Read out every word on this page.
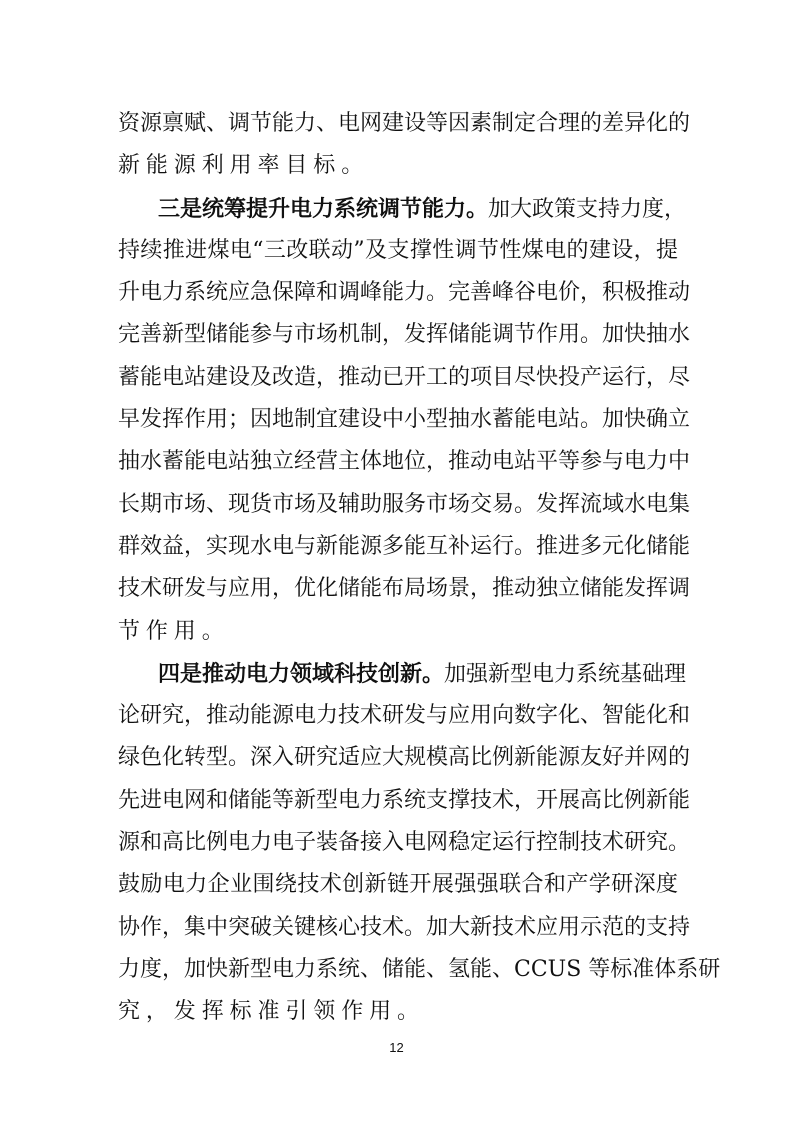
资源禀赋、调节能力、电网建设等因素制定合理的差异化的
新能源利用率目标。
三是统筹提升电力系统调节能力。加大政策支持力度，
持续推进煤电“三改联动”及支撑性调节性煤电的建设，提
升电力系统应急保障和调峰能力。完善峰谷电价，积极推动
完善新型储能参与市场机制，发挥储能调节作用。加快抽水
蓄能电站建设及改造，推动已开工的项目尽快投产运行，尽
早发挥作用；因地制宜建设中小型抽水蓄能电站。加快确立
抽水蓄能电站独立经营主体地位，推动电站平等参与电力中
长期市场、现货市场及辅助服务市场交易。发挥流域水电集
群效益，实现水电与新能源多能互补运行。推进多元化储能
技术研发与应用，优化储能布局场景，推动独立储能发挥调
节作用。
四是推动电力领域科技创新。加强新型电力系统基础理
论研究，推动能源电力技术研发与应用向数字化、智能化和
绿色化转型。深入研究适应大规模高比例新能源友好并网的
先进电网和储能等新型电力系统支撑技术，开展高比例新能
源和高比例电力电子装备接入电网稳定运行控制技术研究。
鼓励电力企业围绕技术创新链开展强强联合和产学研深度
协作，集中突破关键核心技术。加大新技术应用示范的支持
力度，加快新型电力系统、储能、氢能、CCUS 等标准体系研
究，发挥标准引领作用。
12
